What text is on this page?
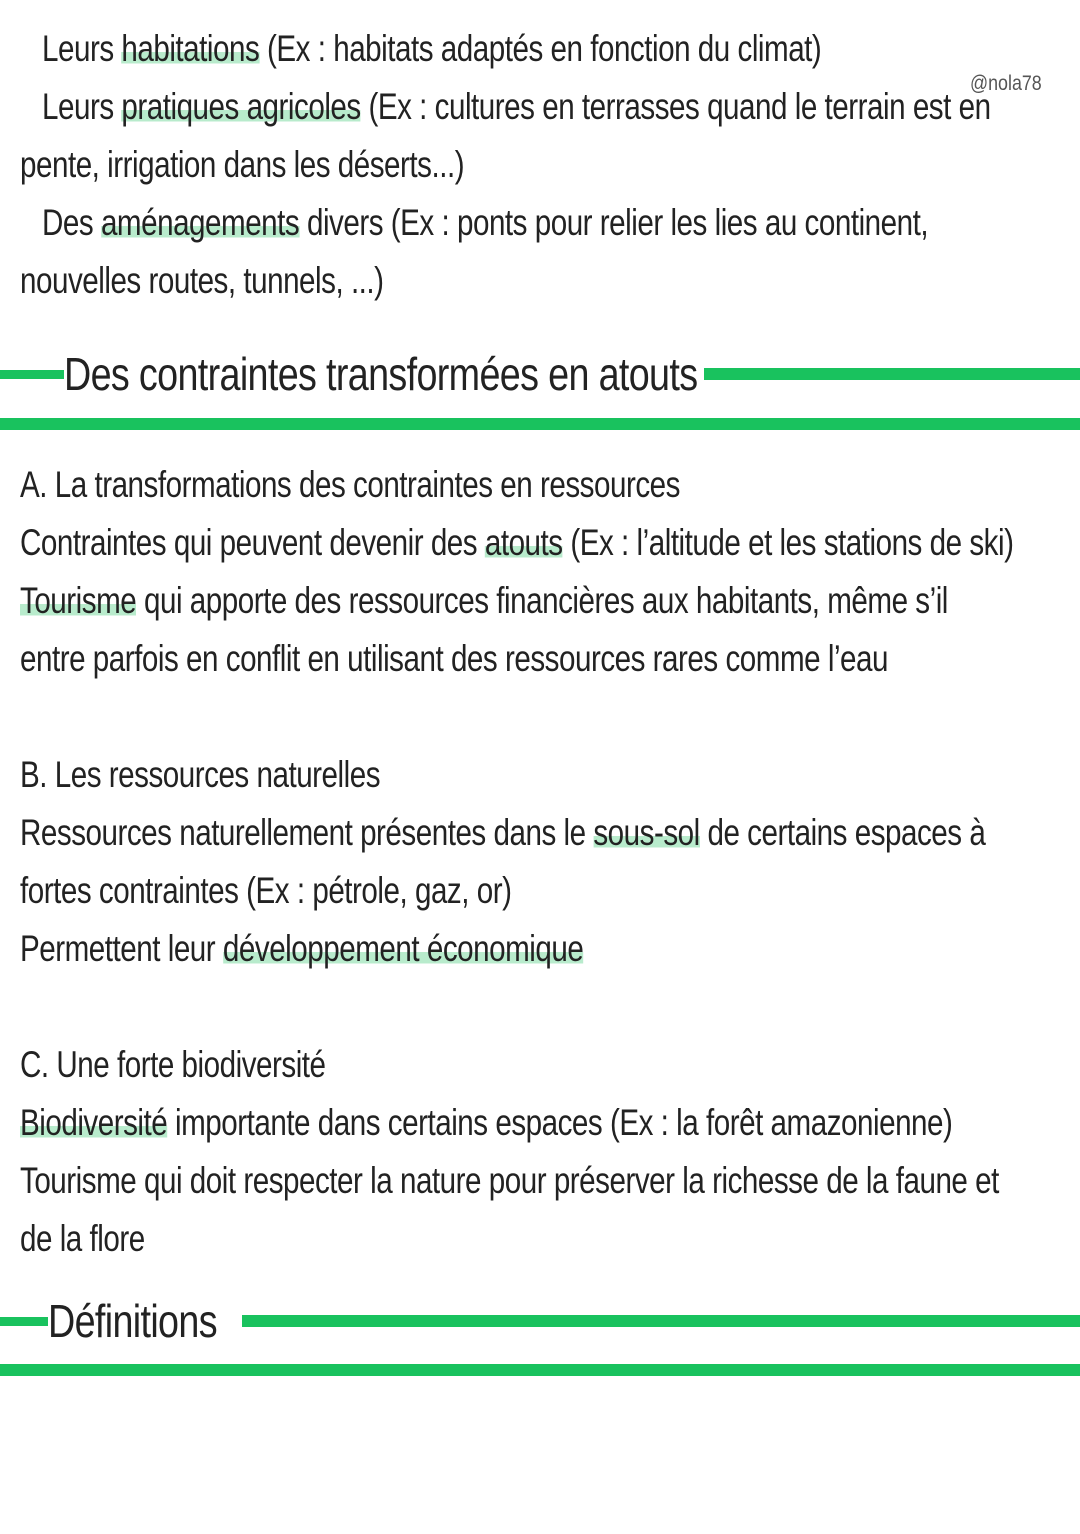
@nola78
Leurs habitations (Ex : habitats adaptés en fonction du climat)
Leurs pratiques agricoles (Ex : cultures en terrasses quand le terrain est en
pente, irrigation dans les déserts...)
Des aménagements divers (Ex : ponts pour relier les lies au continent,
nouvelles routes, tunnels, ...)
Des contraintes transformées en atouts
A. La transformations des contraintes en ressources
Contraintes qui peuvent devenir des atouts (Ex : l’altitude et les stations de ski)
Tourisme qui apporte des ressources financières aux habitants, même s’il
entre parfois en conflit en utilisant des ressources rares comme l’eau
B. Les ressources naturelles
Ressources naturellement présentes dans le sous-sol de certains espaces à
fortes contraintes (Ex : pétrole, gaz, or)
Permettent leur développement économique
C. Une forte biodiversité
Biodiversité importante dans certains espaces (Ex : la forêt amazonienne)
Tourisme qui doit respecter la nature pour préserver la richesse de la faune et
de la flore
Définitions
